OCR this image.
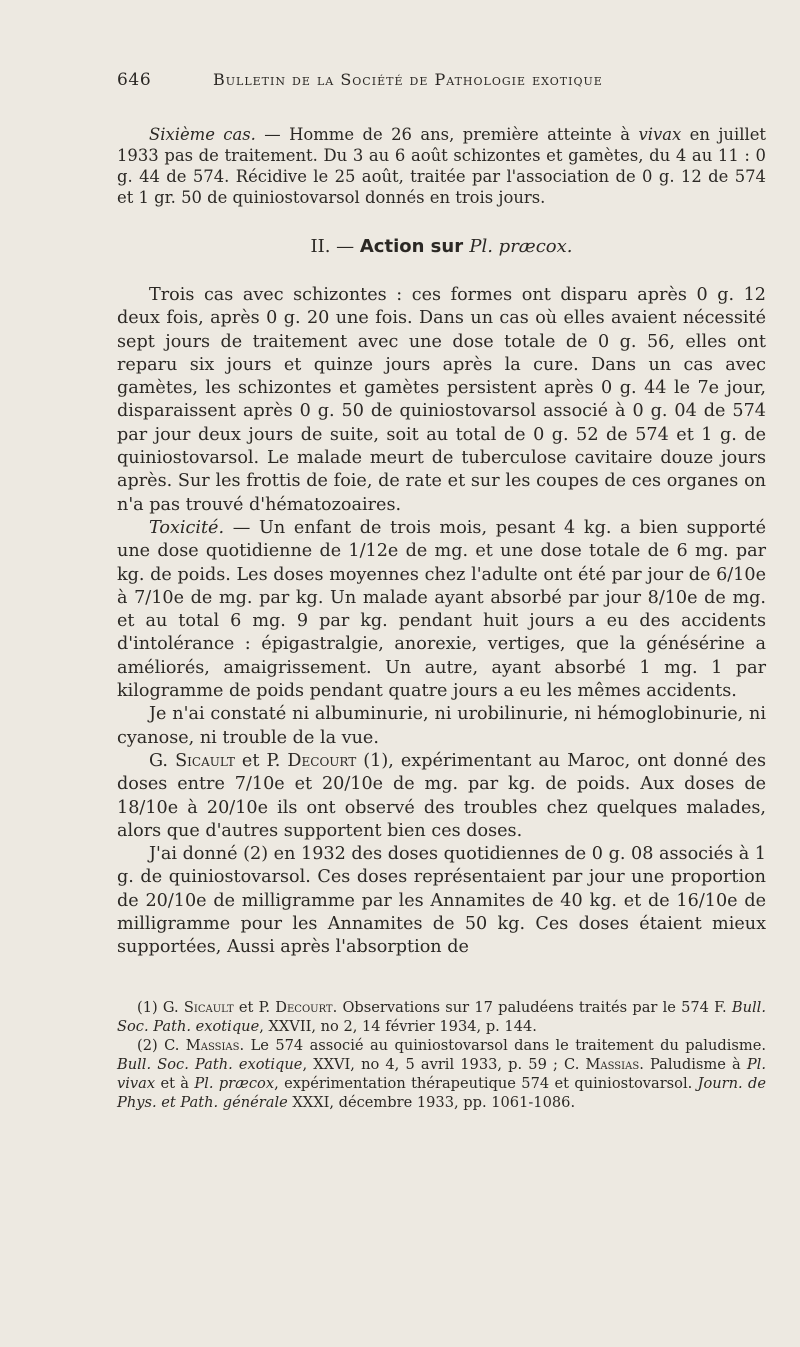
646	Bulletin de la Société de Pathologie exotique

Sixième cas. — Homme de 26 ans, première atteinte à vivax en juillet 1933 pas de traitement. Du 3 au 6 août schizontes et gamètes, du 4 au 11 : 0 g. 44 de 574. Récidive le 25 août, traitée par l'association de 0 g. 12 de 574 et 1 gr. 50 de quiniostovarsol donnés en trois jours.

II. — Action sur Pl. præcox.

Trois cas avec schizontes : ces formes ont disparu après 0 g. 12 deux fois, après 0 g. 20 une fois. Dans un cas où elles avaient nécessité sept jours de traitement avec une dose totale de 0 g. 56, elles ont reparu six jours et quinze jours après la cure. Dans un cas avec gamètes, les schizontes et gamètes persistent après 0 g. 44 le 7e jour, disparaissent après 0 g. 50 de quiniostovarsol associé à 0 g. 04 de 574 par jour deux jours de suite, soit au total de 0 g. 52 de 574 et 1 g. de quiniostovarsol. Le malade meurt de tuberculose cavitaire douze jours après. Sur les frottis de foie, de rate et sur les coupes de ces organes on n'a pas trouvé d'hématozoaires.

Toxicité. — Un enfant de trois mois, pesant 4 kg. a bien supporté une dose quotidienne de 1/12e de mg. et une dose totale de 6 mg. par kg. de poids. Les doses moyennes chez l'adulte ont été par jour de 6/10e à 7/10e de mg. par kg. Un malade ayant absorbé par jour 8/10e de mg. et au total 6 mg. 9 par kg. pendant huit jours a eu des accidents d'intolérance : épigastralgie, anorexie, vertiges, que la génésérine a améliorés, amaigrissement. Un autre, ayant absorbé 1 mg. 1 par kilogramme de poids pendant quatre jours a eu les mêmes accidents.

Je n'ai constaté ni albuminurie, ni urobilinurie, ni hémoglobinurie, ni cyanose, ni trouble de la vue.

G. Sicault et P. Decourt (1), expérimentant au Maroc, ont donné des doses entre 7/10e et 20/10e de mg. par kg. de poids. Aux doses de 18/10e à 20/10e ils ont observé des troubles chez quelques malades, alors que d'autres supportent bien ces doses.

J'ai donné (2) en 1932 des doses quotidiennes de 0 g. 08 associés à 1 g. de quiniostovarsol. Ces doses représentaient par jour une proportion de 20/10e de milligramme par les Annamites de 40 kg. et de 16/10e de milligramme pour les Annamites de 50 kg. Ces doses étaient mieux supportées, Aussi après l'absorption de

(1) G. Sicault et P. Decourt. Observations sur 17 paludéens traités par le 574 F. Bull. Soc. Path. exotique, XXVII, no 2, 14 février 1934, p. 144.

(2) C. Massias. Le 574 associé au quiniostovarsol dans le traitement du paludisme. Bull. Soc. Path. exotique, XXVI, no 4, 5 avril 1933, p. 59 ; C. Massias. Paludisme à Pl. vivax et à Pl. præcox, expérimentation thérapeutique 574 et quiniostovarsol. Journ. de Phys. et Path. générale XXXI, décembre 1933, pp. 1061-1086.
